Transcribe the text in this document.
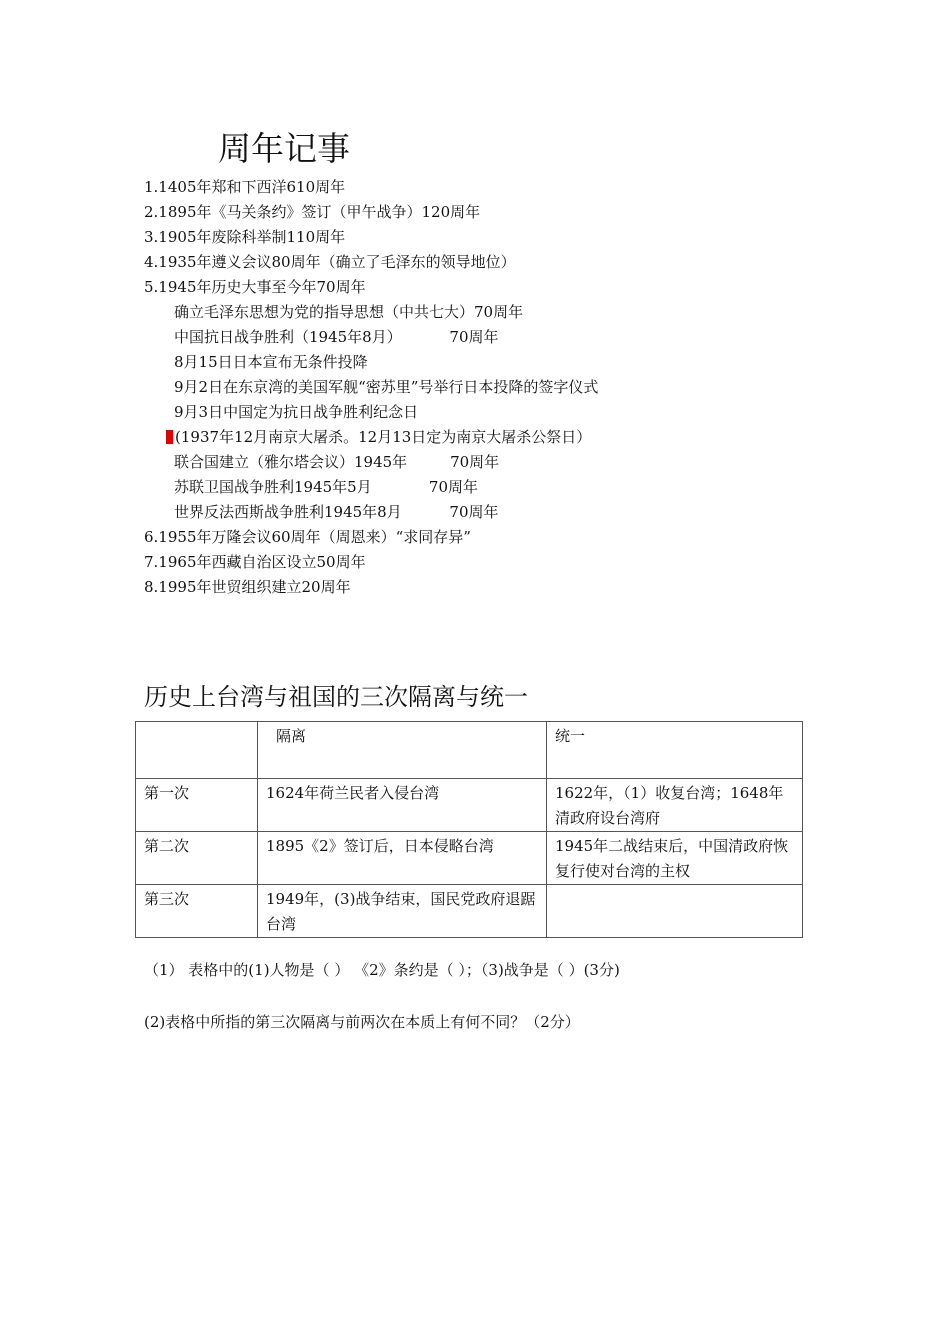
周年记事
1.1405年郑和下西洋610周年
2.1895年《马关条约》签订（甲午战争）120周年
3.1905年废除科举制110周年
4.1935年遵义会议80周年（确立了毛泽东的领导地位）
5.1945年历史大事至今年70周年
确立毛泽东思想为党的指导思想（中共七大）70周年
中国抗日战争胜利（1945年8月）          70周年
8月15日日本宣布无条件投降
9月2日在东京湾的美国军舰“密苏里”号举行日本投降的签字仪式
9月3日中国定为抗日战争胜利纪念日
(1937年12月南京大屠杀。12月13日定为南京大屠杀公祭日）
联合国建立（雅尔塔会议）1945年         70周年
苏联卫国战争胜利1945年5月            70周年
世界反法西斯战争胜利1945年8月          70周年
6.1955年万隆会议60周年（周恩来）“求同存异”
7.1965年西藏自治区设立50周年
8.1995年世贸组织建立20周年
历史上台湾与祖国的三次隔离与统一
	隔离	统一
第一次	1624年荷兰民者入侵台湾	1622年，（1）收复台湾；1648年清政府设台湾府
第二次	1895《2》签订后，日本侵略台湾	1945年二战结束后，中国清政府恢复行使对台湾的主权
第三次	1949年，(3)战争结束，国民党政府退踞台湾	
（1） 表格中的(1)人物是（ ） 《2》条约是（ ）；（3)战争是（ ）(3分)
(2)表格中所指的第三次隔离与前两次在本质上有何不同？（2分）
